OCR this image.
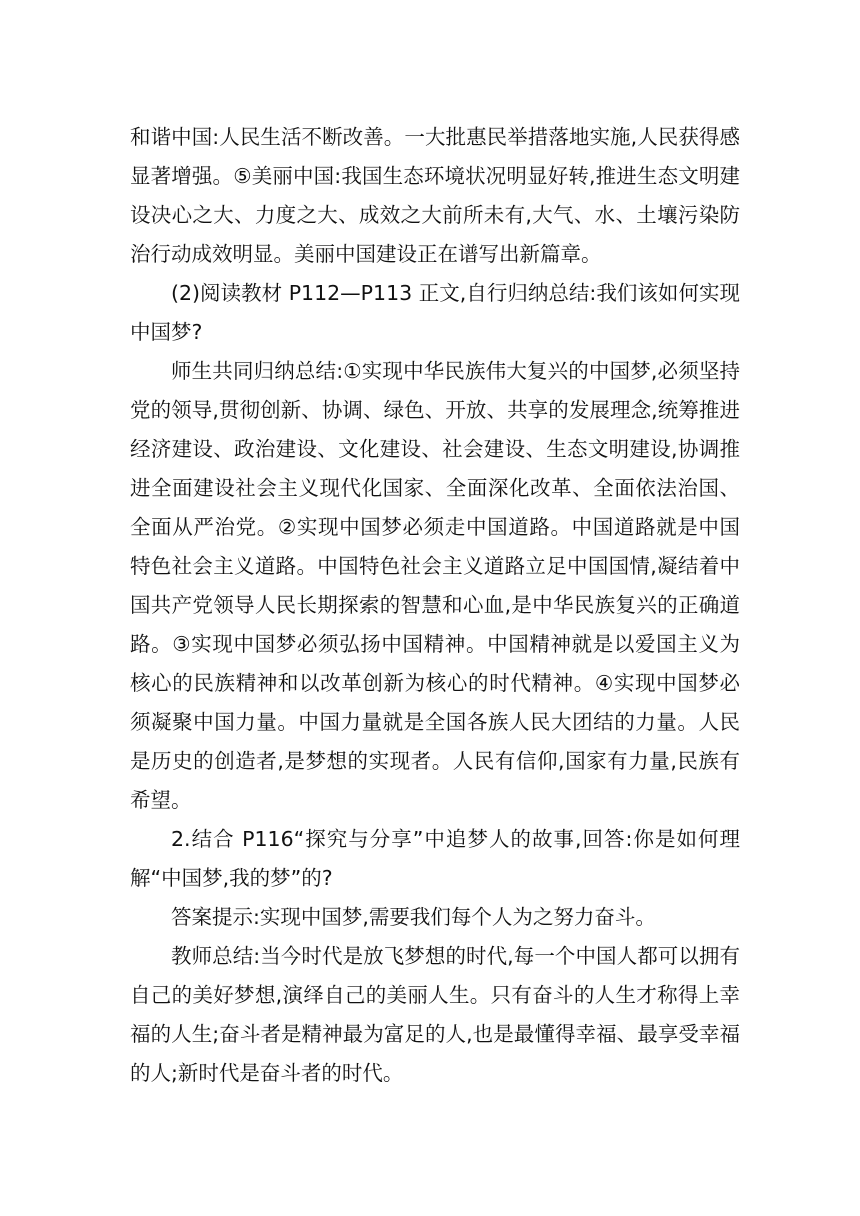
和谐中国:人民生活不断改善。一大批惠民举措落地实施,人民获得感显著增强。⑤美丽中国:我国生态环境状况明显好转,推进生态文明建设决心之大、力度之大、成效之大前所未有,大气、水、土壤污染防治行动成效明显。美丽中国建设正在谱写出新篇章。

(2)阅读教材 P112—P113 正文,自行归纳总结:我们该如何实现中国梦?

师生共同归纳总结:①实现中华民族伟大复兴的中国梦,必须坚持党的领导,贯彻创新、协调、绿色、开放、共享的发展理念,统筹推进经济建设、政治建设、文化建设、社会建设、生态文明建设,协调推进全面建设社会主义现代化国家、全面深化改革、全面依法治国、全面从严治党。②实现中国梦必须走中国道路。中国道路就是中国特色社会主义道路。中国特色社会主义道路立足中国国情,凝结着中国共产党领导人民长期探索的智慧和心血,是中华民族复兴的正确道路。③实现中国梦必须弘扬中国精神。中国精神就是以爱国主义为核心的民族精神和以改革创新为核心的时代精神。④实现中国梦必须凝聚中国力量。中国力量就是全国各族人民大团结的力量。人民是历史的创造者,是梦想的实现者。人民有信仰,国家有力量,民族有希望。

2.结合 P116“探究与分享”中追梦人的故事,回答:你是如何理解“中国梦,我的梦”的?

答案提示:实现中国梦,需要我们每个人为之努力奋斗。

教师总结:当今时代是放飞梦想的时代,每一个中国人都可以拥有自己的美好梦想,演绎自己的美丽人生。只有奋斗的人生才称得上幸福的人生;奋斗者是精神最为富足的人,也是最懂得幸福、最享受幸福的人;新时代是奋斗者的时代。
